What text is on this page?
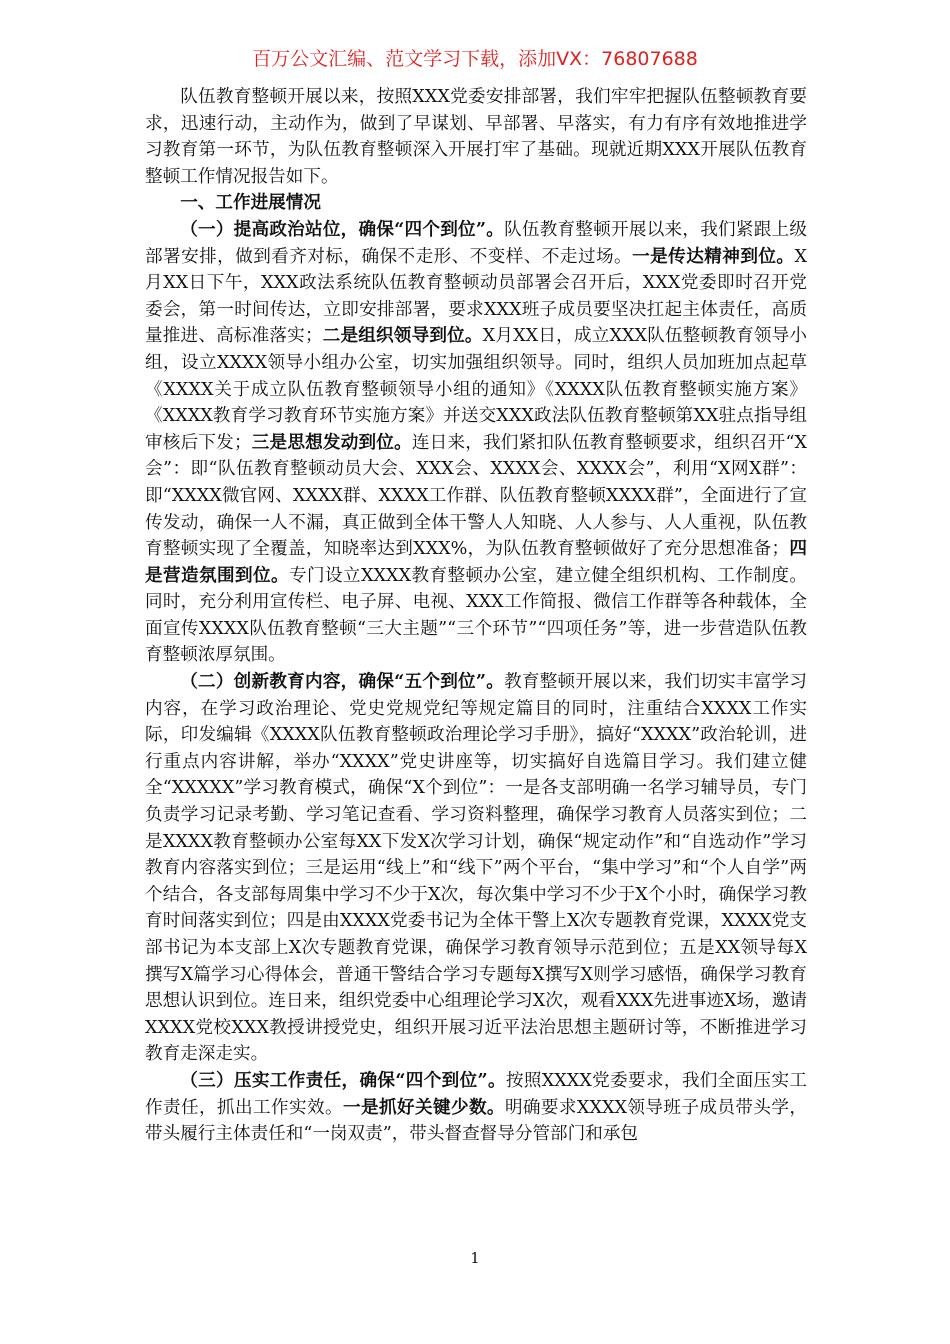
百万公文汇编、范文学习下载，添加VX：76807688

队伍教育整顿开展以来，按照XXX党委安排部署，我们牢牢把握队伍整顿教育要求，迅速行动，主动作为，做到了早谋划、早部署、早落实，有力有序有效地推进学习教育第一环节，为队伍教育整顿深入开展打牢了基础。现就近期XXX开展队伍教育整顿工作情况报告如下。

一、工作进展情况

（一）提高政治站位，确保“四个到位”。队伍教育整顿开展以来，我们紧跟上级部署安排，做到看齐对标，确保不走形、不变样、不走过场。一是传达精神到位。X月XX日下午，XXX政法系统队伍教育整顿动员部署会召开后，XXX党委即时召开党委会，第一时间传达，立即安排部署，要求XXX班子成员要坚决扛起主体责任，高质量推进、高标准落实；二是组织领导到位。X月XX日，成立XXX队伍整顿教育领导小组，设立XXXX领导小组办公室，切实加强组织领导。同时，组织人员加班加点起草《XXXX关于成立队伍教育整顿领导小组的通知》《XXXX队伍教育整顿实施方案》《XXXX教育学习教育环节实施方案》并送交XXX政法队伍教育整顿第XX驻点指导组审核后下发；三是思想发动到位。连日来，我们紧扣队伍教育整顿要求，组织召开“X会”：即“队伍教育整顿动员大会、XXX会、XXXX会、XXXX会”，利用“X网X群”：即“XXXX微官网、XXXX群、XXXX工作群、队伍教育整顿XXXX群”，全面进行了宣传发动，确保一人不漏，真正做到全体干警人人知晓、人人参与、人人重视，队伍教育整顿实现了全覆盖，知晓率达到XXX%，为队伍教育整顿做好了充分思想准备；四是营造氛围到位。专门设立XXXX教育整顿办公室，建立健全组织机构、工作制度。同时，充分利用宣传栏、电子屏、电视、XXX工作简报、微信工作群等各种载体，全面宣传XXXX队伍教育整顿“三大主题”“三个环节”“四项任务”等，进一步营造队伍教育整顿浓厚氛围。

（二）创新教育内容，确保“五个到位”。教育整顿开展以来，我们切实丰富学习内容，在学习政治理论、党史党规党纪等规定篇目的同时，注重结合XXXX工作实际，印发编辑《XXXX队伍教育整顿政治理论学习手册》，搞好“XXXX”政治轮训，进行重点内容讲解，举办“XXXX”党史讲座等，切实搞好自选篇目学习。我们建立健全“XXXXX”学习教育模式，确保“X个到位”：一是各支部明确一名学习辅导员，专门负责学习记录考勤、学习笔记查看、学习资料整理，确保学习教育人员落实到位；二是XXXX教育整顿办公室每XX下发X次学习计划，确保“规定动作”和“自选动作”学习教育内容落实到位；三是运用“线上”和“线下”两个平台，“集中学习”和“个人自学”两个结合，各支部每周集中学习不少于X次，每次集中学习不少于X个小时，确保学习教育时间落实到位；四是由XXXX党委书记为全体干警上X次专题教育党课，XXXX党支部书记为本支部上X次专题教育党课，确保学习教育领导示范到位；五是XX领导每X撰写X篇学习心得体会，普通干警结合学习专题每X撰写X则学习感悟，确保学习教育思想认识到位。连日来，组织党委中心组理论学习X次，观看XXX先进事迹X场，邀请XXXX党校XXX教授讲授党史，组织开展习近平法治思想主题研讨等，不断推进学习教育走深走实。

（三）压实工作责任，确保“四个到位”。按照XXXX党委要求，我们全面压实工作责任，抓出工作实效。一是抓好关键少数。明确要求XXXX领导班子成员带头学，带头履行主体责任和“一岗双责”，带头督查督导分管部门和承包

1
